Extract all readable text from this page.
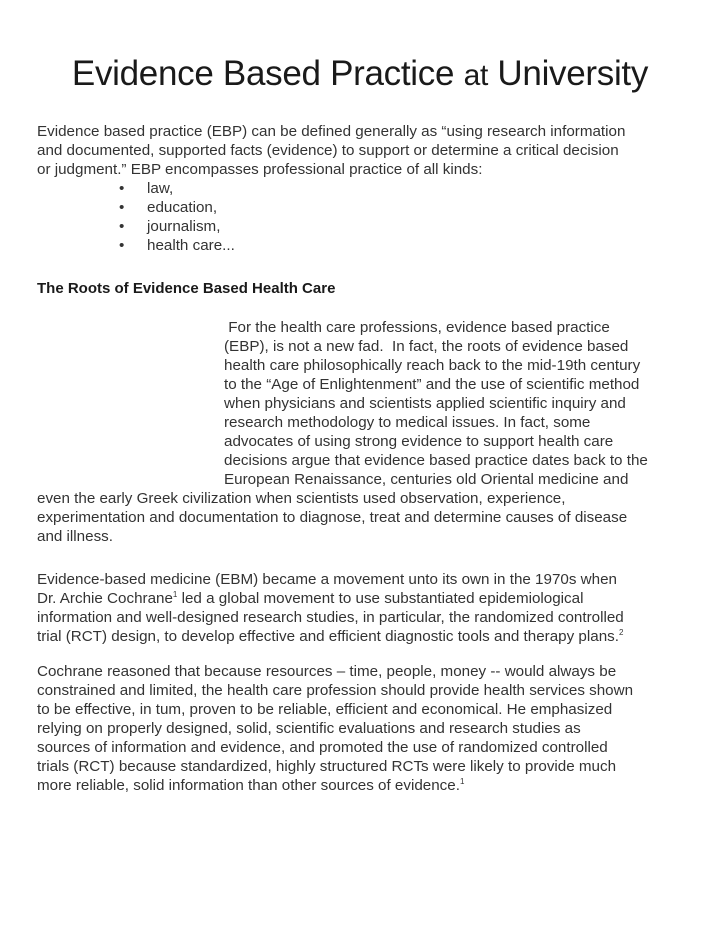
Evidence Based Practice at University
Evidence based practice (EBP) can be defined generally as “using research information
and documented, supported facts (evidence) to support or determine a critical decision
or judgment.” EBP encompasses professional practice of all kinds:
• law,
• education,
• journalism,
• health care...
The Roots of Evidence Based Health Care
For the health care professions, evidence based practice
(EBP), is not a new fad.  In fact, the roots of evidence based
health care philosophically reach back to the mid-19th century
to the “Age of Enlightenment” and the use of scientific method
when physicians and scientists applied scientific inquiry and
research methodology to medical issues. In fact, some
advocates of using strong evidence to support health care
decisions argue that evidence based practice dates back to the
European Renaissance, centuries old Oriental medicine and
even the early Greek civilization when scientists used observation, experience,
experimentation and documentation to diagnose, treat and determine causes of disease
and illness.
Evidence-based medicine (EBM) became a movement unto its own in the 1970s when
Dr. Archie Cochrane$^1$ led a global movement to use substantiated epidemiological
information and well-designed research studies, in particular, the randomized controlled
trial (RCT) design, to develop effective and efficient diagnostic tools and therapy plans.$^2$
Cochrane reasoned that because resources – time, people, money -- would always be
constrained and limited, the health care profession should provide health services shown
to be effective, in tum, proven to be reliable, efficient and economical. He emphasized
relying on properly designed, solid, scientific evaluations and research studies as
sources of information and evidence, and promoted the use of randomized controlled
trials (RCT) because standardized, highly structured RCTs were likely to provide much
more reliable, solid information than other sources of evidence.$^1$
